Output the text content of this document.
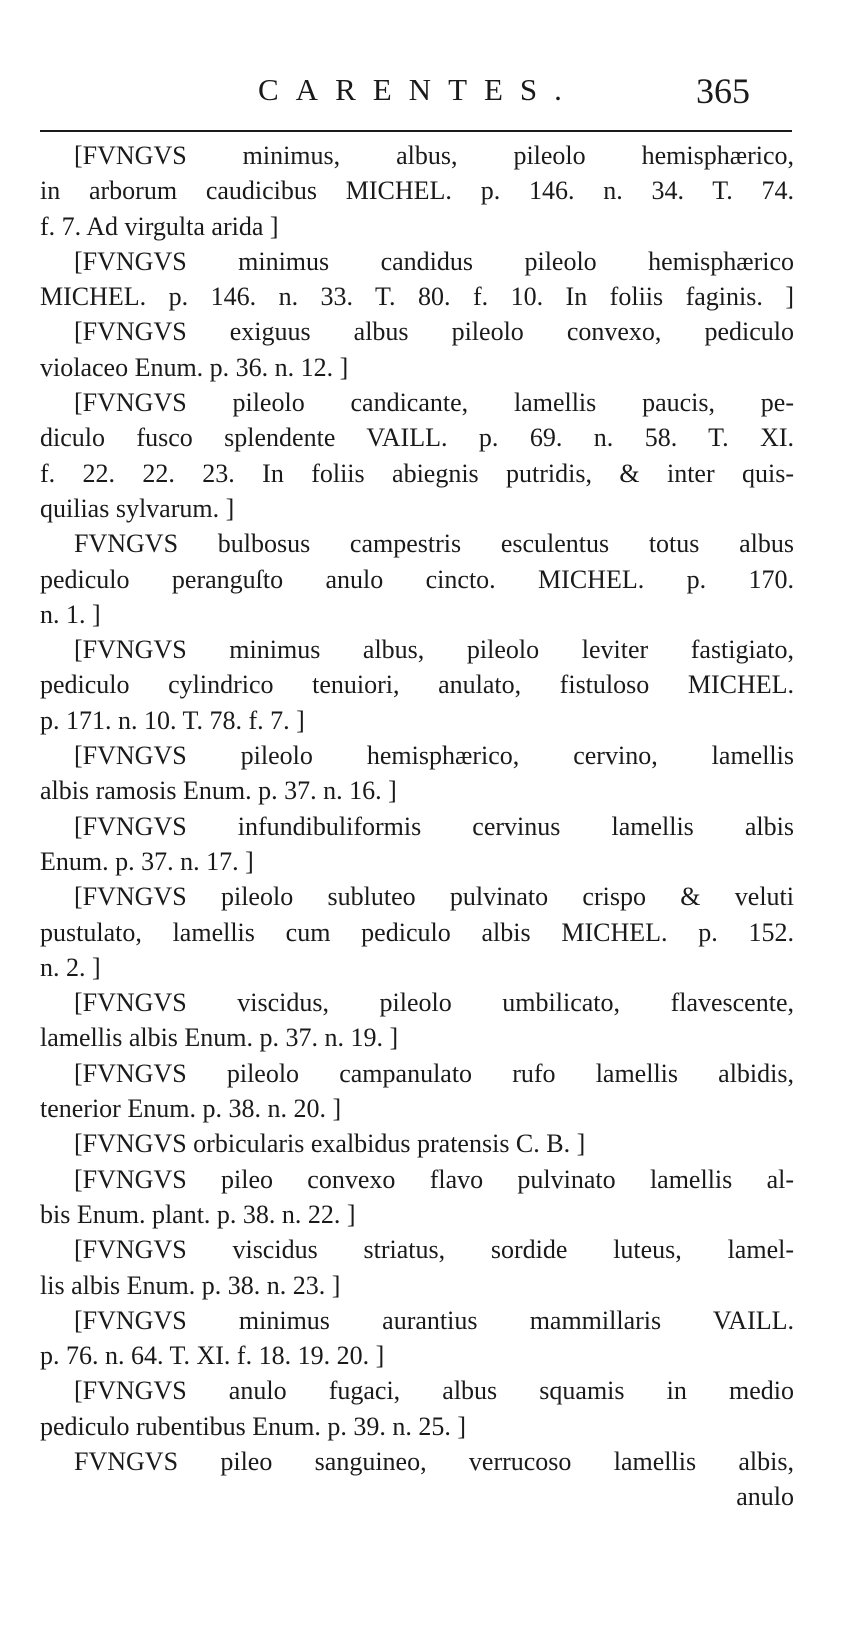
CARENTES.	365
[FVNGVS minimus, albus, pileolo hemisphærico,
in arborum caudicibus MICHEL. p. 146. n. 34. T. 74.
f. 7. Ad virgulta arida ]
[FVNGVS minimus candidus pileolo hemisphærico
MICHEL. p. 146. n. 33. T. 80. f. 10. In foliis faginis. ]
[FVNGVS exiguus albus pileolo convexo, pediculo
violaceo Enum. p. 36. n. 12. ]
[FVNGVS pileolo candicante, lamellis paucis, pe-
diculo fusco splendente VAILL. p. 69. n. 58. T. XI.
f. 22. 22. 23. In foliis abiegnis putridis, & inter quis-
quilias sylvarum. ]
FVNGVS bulbosus campestris esculentus totus albus
pediculo peranguſto anulo cincto. MICHEL. p. 170.
n. 1. ]
[FVNGVS minimus albus, pileolo leviter fastigiato,
pediculo cylindrico tenuiori, anulato, fistuloso MICHEL.
p. 171. n. 10. T. 78. f. 7. ]
[FVNGVS pileolo hemisphærico, cervino, lamellis
albis ramosis Enum. p. 37. n. 16. ]
[FVNGVS infundibuliformis cervinus lamellis albis
Enum. p. 37. n. 17. ]
[FVNGVS pileolo subluteo pulvinato crispo & veluti
pustulato, lamellis cum pediculo albis MICHEL. p. 152.
n. 2. ]
[FVNGVS viscidus, pileolo umbilicato, flavescente,
lamellis albis Enum. p. 37. n. 19. ]
[FVNGVS pileolo campanulato rufo lamellis albidis,
tenerior Enum. p. 38. n. 20. ]
[FVNGVS orbicularis exalbidus pratensis C. B. ]
[FVNGVS pileo convexo flavo pulvinato lamellis al-
bis Enum. plant. p. 38. n. 22. ]
[FVNGVS viscidus striatus, sordide luteus, lamel-
lis albis Enum. p. 38. n. 23. ]
[FVNGVS minimus aurantius mammillaris VAILL.
p. 76. n. 64. T. XI. f. 18. 19. 20. ]
[FVNGVS anulo fugaci, albus squamis in medio
pediculo rubentibus Enum. p. 39. n. 25. ]
FVNGVS pileo sanguineo, verrucoso lamellis albis,
anulo
